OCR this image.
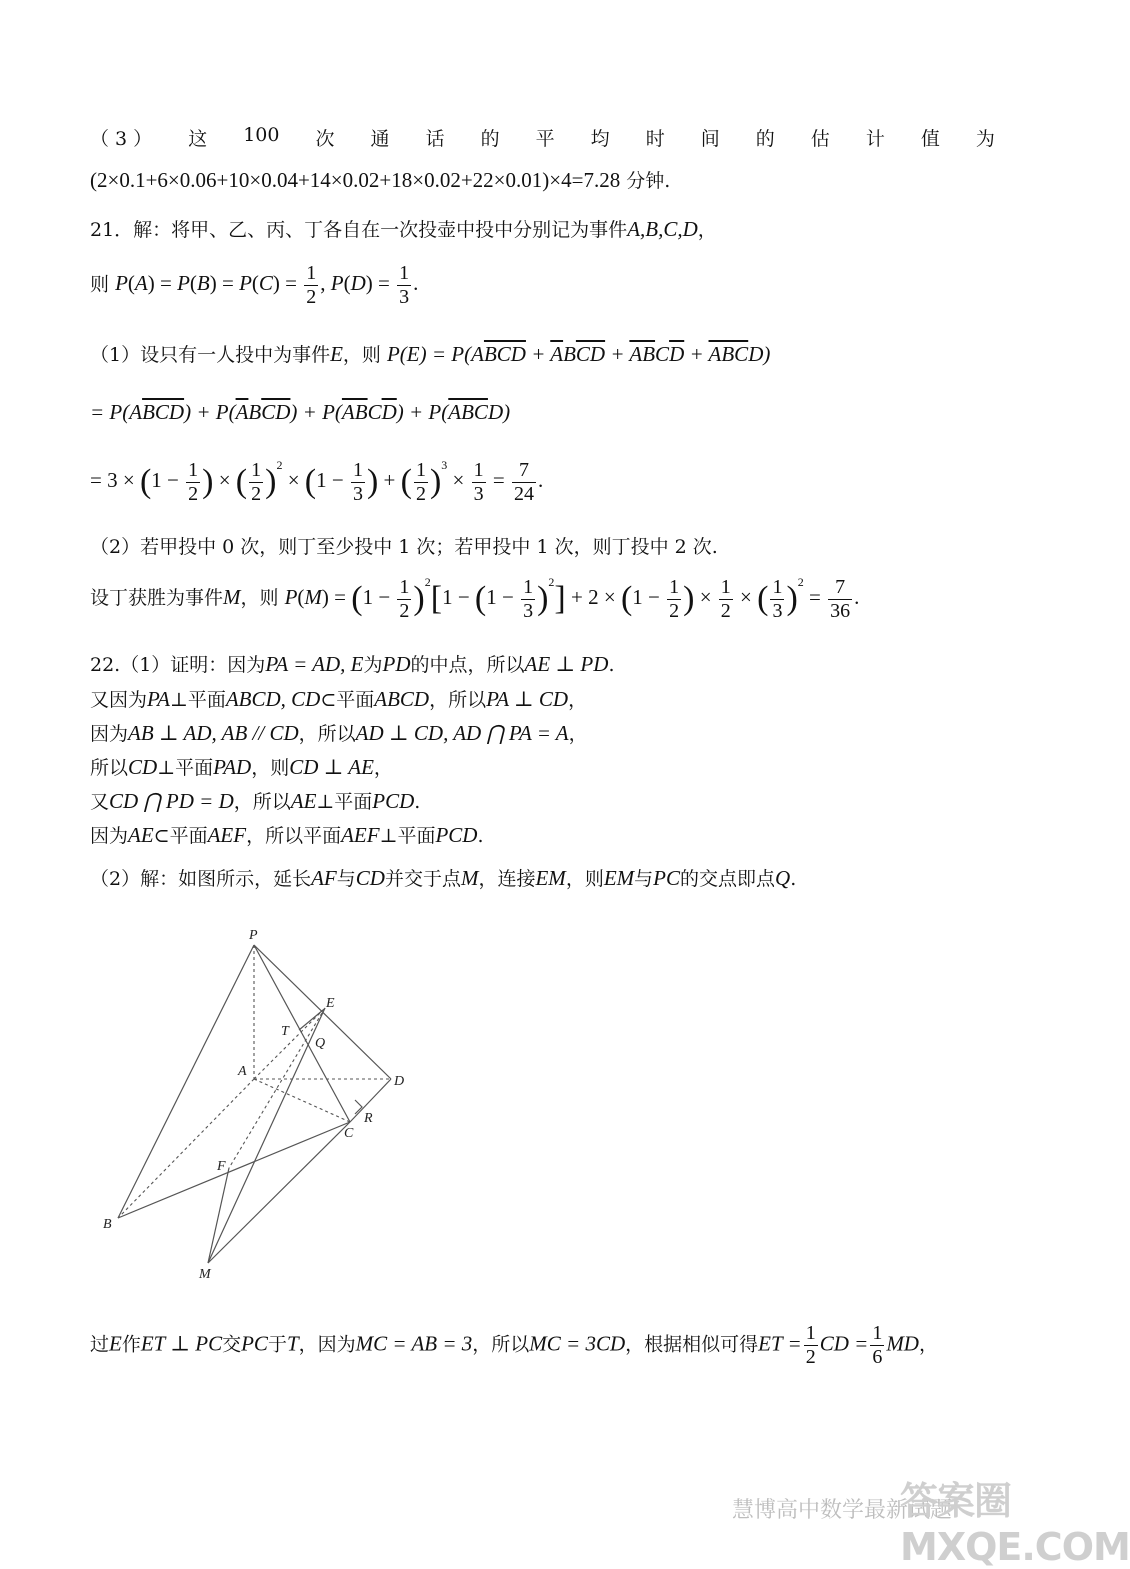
（ 3 ） 这 100 次 通 话 的 平 均 时 间 的 估 计 值 为
(2×0.1+6×0.06+10×0.04+14×0.02+18×0.02+22×0.01)×4=7.28 分钟.
21．解：将甲、乙、丙、丁各自在一次投壶中投中分别记为事件A,B,C,D，
则 $P(A) = P(B) = P(C) = \frac{1}{2}$ , $P(D) = \frac{1}{3}$ .
（1）设只有一人投中为事件E，则 $P(E) = P(A\overline{BCD} + \overline{A}B\overline{CD} + \overline{AB}C\overline{D} + \overline{ABC}D)$
= $P(A\overline{BCD}) + P(\overline{A}B\overline{CD}) + P(\overline{AB}C\overline{D}) + P(\overline{ABC}D)$
= $3 \times (1 - \frac{1}{2}$ ) × ( $\frac{1}{2} )^2 \times (1 - \frac{1}{3}$ ) + ( $\frac{1}{2} )^3 \times \frac{1}{3} = \frac{7}{24}$ .
（2）若甲投中 0 次，则丁至少投中 1 次；若甲投中 1 次，则丁投中 2 次.
设丁获胜为事件M，则 $P(M) = (1 - \frac{1}{2} )^2[1 - (1 - \frac{1}{3} )^2] + 2 \times (1 - \frac{1}{2}$ ) × $\frac{1}{2}$ × ( $\frac{1}{3} )^2 = \frac{7}{36}$ .
22.（1）证明：因为PA = AD, E为PD的中点，所以AE ⊥ PD.
又因为PA⊥平面ABCD, CD⊂平面ABCD，所以PA ⊥ CD，
因为AB ⊥ AD, AB // CD，所以AD ⊥ CD, AD ⋂ PA = A，
所以CD⊥平面PAD，则CD ⊥ AE，
又CD ⋂ PD = D，所以AE⊥平面PCD.
因为AE⊂平面AEF，所以平面AEF⊥平面PCD.
（2）解：如图所示，延长AF与CD并交于点M，连接EM，则EM与PC的交点即点Q.
P
E
T
Q
A
D
R
C
F
B
M
过E作ET ⊥ PC交PC于T，因为MC = AB = 3，所以MC = 3CD，根据相似可得ET = $\frac{1}{2}$ CD = $\frac{1}{6}$ MD，
慧博高中数学最新试题
答案圈 MXQE.COM
